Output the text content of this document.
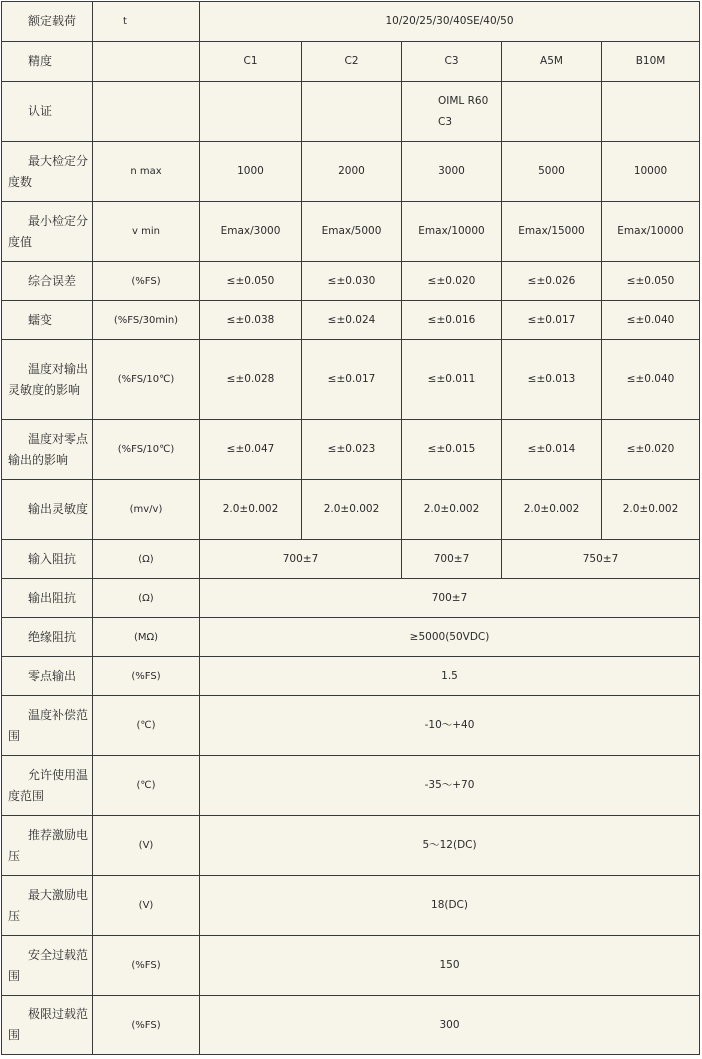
额定载荷	t	10/20/25/30/40SE/40/50				
精度		C1	C2	C3	A5M	B10M
认证				OIML R60
C3		

最大检定分度数	n max	1000	2000	3000	5000	10000
最小检定分度值	v min	Emax/3000	Emax/5000	Emax/10000	Emax/15000	Emax/10000
综合误差	(%FS)	≤±0.050	≤±0.030	≤±0.020	≤±0.026	≤±0.050
蠕变	(%FS/30min)	≤±0.038	≤±0.024	≤±0.016	≤±0.017	≤±0.040
温度对输出灵敏度的影响	(%FS/10℃)	≤±0.028	≤±0.017	≤±0.011	≤±0.013	≤±0.040
温度对零点输出的影响	(%FS/10℃)	≤±0.047	≤±0.023	≤±0.015	≤±0.014	≤±0.020
输出灵敏度	(mv/v)	2.0±0.002	2.0±0.002	2.0±0.002	2.0±0.002	2.0±0.002
输入阻抗	(Ω)	700±7		700±7	750±7	
输出阻抗	(Ω)	700±7				
绝缘阻抗	(MΩ)	≥5000(50VDC)				
零点输出	(%FS)	1.5				
温度补偿范围	(℃)	-10～+40				
允许使用温度范围	(℃)	-35～+70				
推荐激励电压	(V)	5～12(DC)				
最大激励电压	(V)	18(DC)				
安全过载范围	(%FS)	150				
极限过载范围	(%FS)	300				
